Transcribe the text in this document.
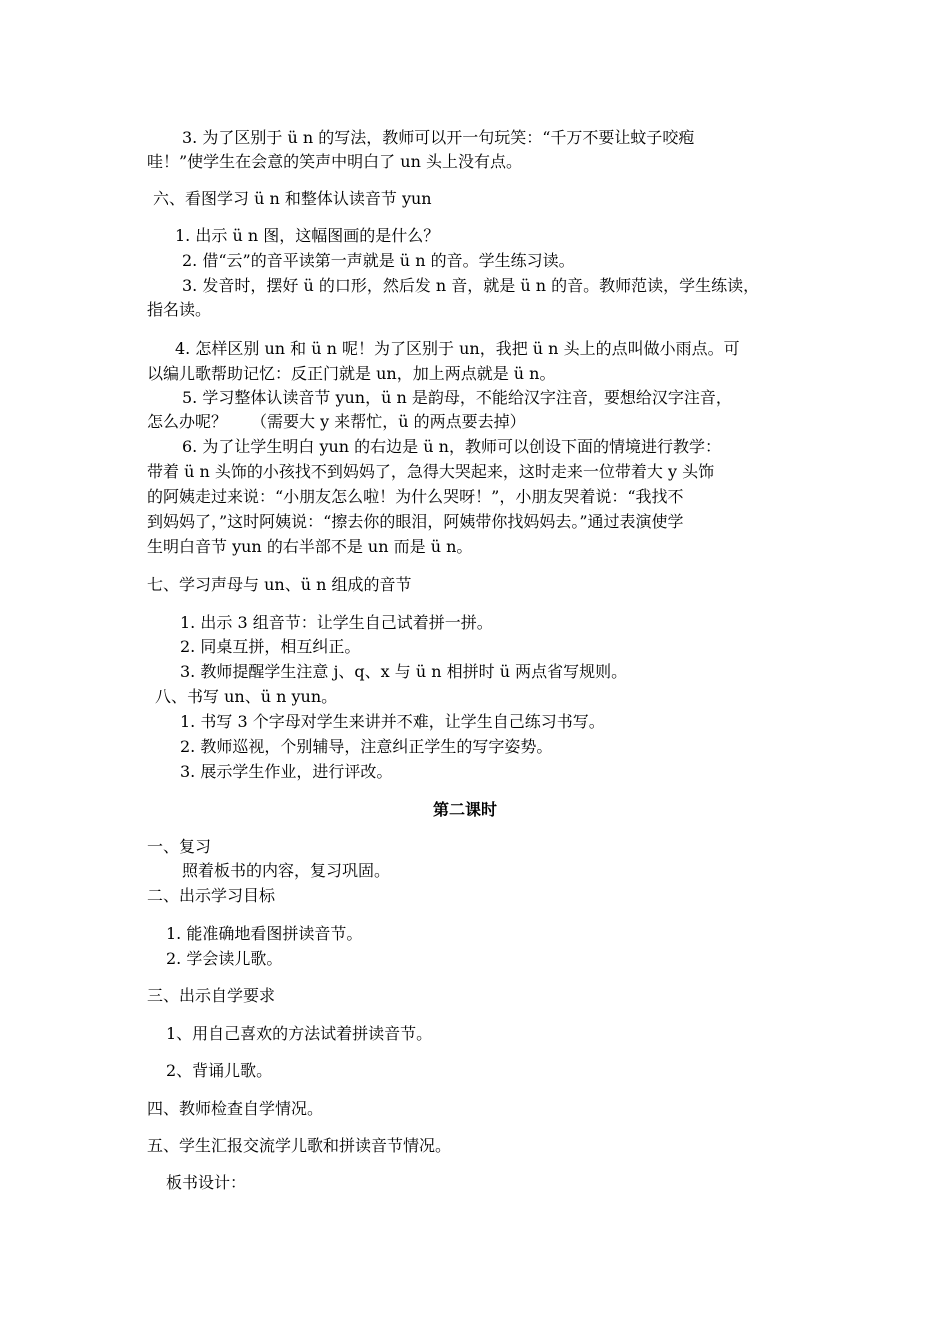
3. 为了区别于 ü n 的写法，教师可以开一句玩笑：“千万不要让蚊子咬疱
哇！”使学生在会意的笑声中明白了 un 头上没有点。
六、看图学习 ü n 和整体认读音节 yun
1. 出示 ü n 图，这幅图画的是什么？
2. 借“云”的音平读第一声就是 ü n 的音。学生练习读。
3. 发音时，摆好 ü 的口形，然后发 n 音，就是 ü n 的音。教师范读，学生练读，
指名读。
4. 怎样区别 un 和 ü n 呢！为了区别于 un，我把 ü n 头上的点叫做小雨点。可
以编儿歌帮助记忆：反正门就是 un，加上两点就是 ü n。
5. 学习整体认读音节 yun，ü n 是韵母，不能给汉字注音，要想给汉字注音，
怎么办呢？　　（需要大 y 来帮忙，ü 的两点要去掉）
6. 为了让学生明白 yun 的右边是 ü n，教师可以创设下面的情境进行教学：
带着 ü n 头饰的小孩找不到妈妈了，急得大哭起来，这时走来一位带着大 y 头饰
的阿姨走过来说：“小朋友怎么啦！为什么哭呀！”，小朋友哭着说：“我找不
到妈妈了，”这时阿姨说：“擦去你的眼泪，阿姨带你找妈妈去。”通过表演使学
生明白音节 yun 的右半部不是 un 而是 ü n。
七、学习声母与 un、ü n 组成的音节
1. 出示 3 组音节：让学生自己试着拼一拼。
2. 同桌互拼，相互纠正。
3. 教师提醒学生注意 j、q、x 与 ü n 相拼时 ü 两点省写规则。
八、书写 un、ü n yun。
1. 书写 3 个字母对学生来讲并不难，让学生自己练习书写。
2. 教师巡视，个别辅导，注意纠正学生的写字姿势。
3. 展示学生作业，进行评改。
第二课时
一、复习
照着板书的内容，复习巩固。
二、出示学习目标
1. 能准确地看图拼读音节。
2. 学会读儿歌。
三、出示自学要求
1、用自己喜欢的方法试着拼读音节。
2、背诵儿歌。
四、教师检查自学情况。
五、学生汇报交流学儿歌和拼读音节情况。
板书设计：
